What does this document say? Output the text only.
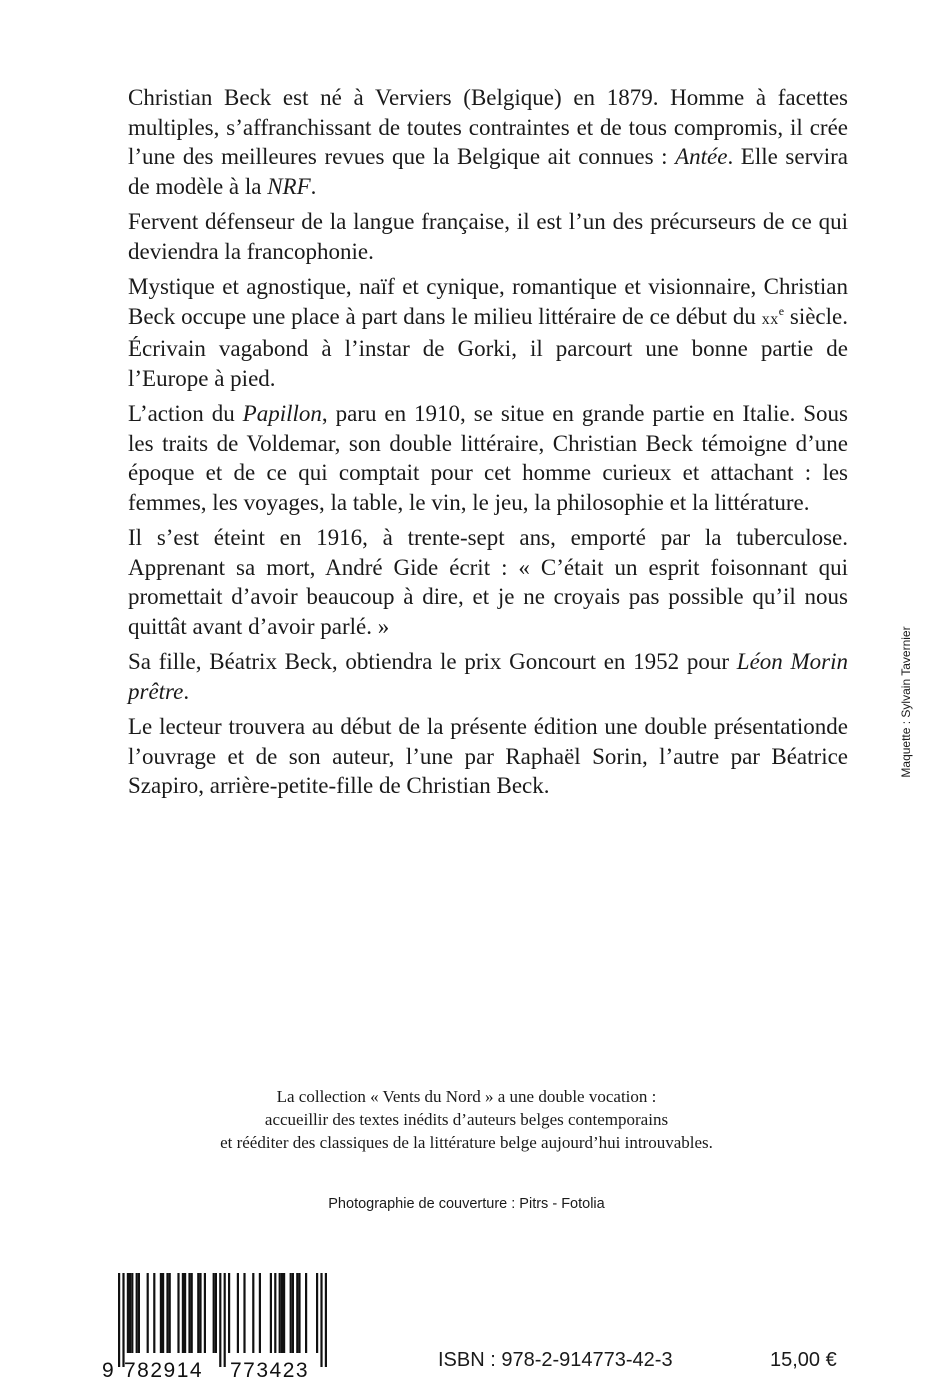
Christian Beck est né à Verviers (Belgique) en 1879. Homme à facettes multiples, s’affranchissant de toutes contraintes et de tous compromis, il crée l’une des meilleures revues que la Belgique ait connues : Antée. Elle servira de modèle à la NRF.

Fervent défenseur de la langue française, il est l’un des précurseurs de ce qui deviendra la francophonie.

Mystique et agnostique, naïf et cynique, romantique et visionnaire, Christian Beck occupe une place à part dans le milieu littéraire de ce début du $xx^e$ siècle. Écrivain vagabond à l’instar de Gorki, il parcourt une bonne partie de l’Europe à pied.

L’action du Papillon, paru en 1910, se situe en grande partie en Italie. Sous les traits de Voldemar, son double littéraire, Christian Beck témoigne d’une époque et de ce qui comptait pour cet homme curieux et attachant : les femmes, les voyages, la table, le vin, le jeu, la philosophie et la littérature.

Il s’est éteint en 1916, à trente-sept ans, emporté par la tuberculose. Apprenant sa mort, André Gide écrit : « C’était un esprit foisonnant qui promettait d’avoir beaucoup à dire, et je ne croyais pas possible qu’il nous quittât avant d’avoir parlé. »

Sa fille, Béatrix Beck, obtiendra le prix Goncourt en 1952 pour Léon Morin prêtre.

Le lecteur trouvera au début de la présente édition une double présentationde l’ouvrage et de son auteur, l’une par Raphaël Sorin, l’autre par Béatrice Szapiro, arrière-petite-fille de Christian Beck.

Maquette : Sylvain Tavernier
La collection « Vents du Nord » a une double vocation :
accueillir des textes inédits d’auteurs belges contemporains
et rééditer des classiques de la littérature belge aujourd’hui introuvables.
Photographie de couverture : Pitrs - Fotolia
9 782914 773423	ISBN : 978-2-914773-42-3	15,00 €
